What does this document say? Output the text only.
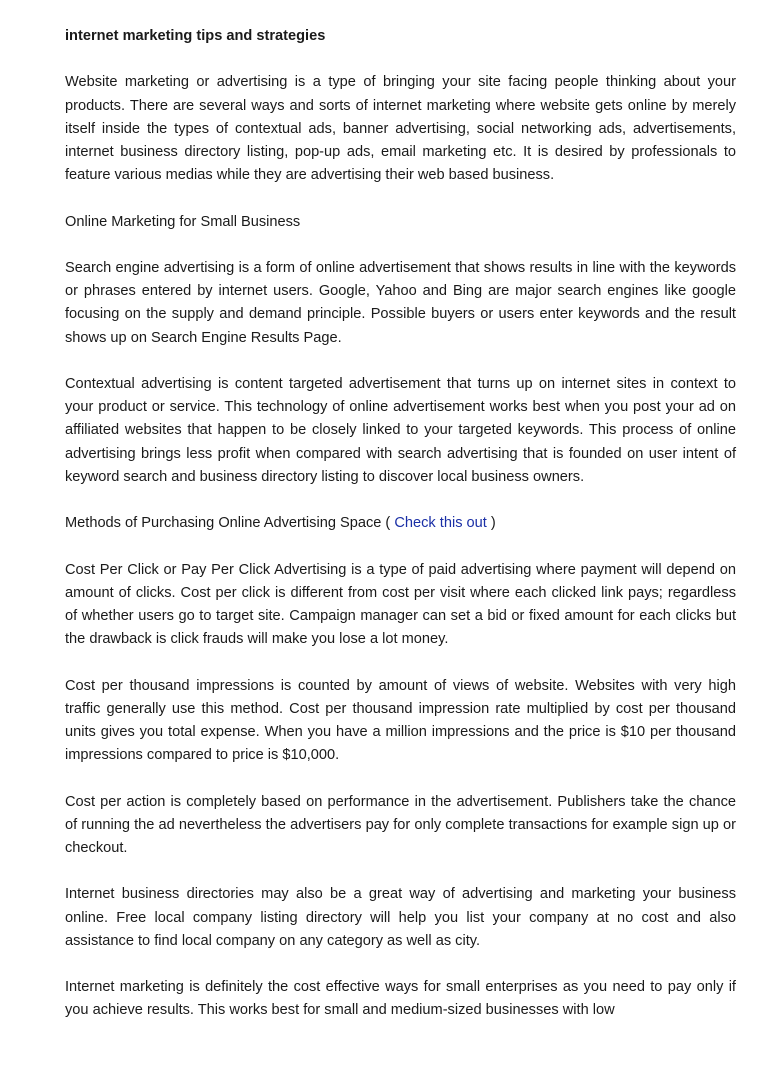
internet marketing tips and strategies

Website marketing or advertising is a type of bringing your site facing people thinking about your products. There are several ways and sorts of internet marketing where website gets online by merely itself inside the types of contextual ads, banner advertising, social networking ads, advertisements, internet business directory listing, pop-up ads, email marketing etc. It is desired by professionals to feature various medias while they are advertising their web based business.

Online Marketing for Small Business

Search engine advertising is a form of online advertisement that shows results in line with the keywords or phrases entered by internet users. Google, Yahoo and Bing are major search engines like google focusing on the supply and demand principle. Possible buyers or users enter keywords and the result shows up on Search Engine Results Page.

Contextual advertising is content targeted advertisement that turns up on internet sites in context to your product or service. This technology of online advertisement works best when you post your ad on affiliated websites that happen to be closely linked to your targeted keywords. This process of online advertising brings less profit when compared with search advertising that is founded on user intent of keyword search and business directory listing to discover local business owners.

Methods of Purchasing Online Advertising Space ( Check this out )

Cost Per Click or Pay Per Click Advertising is a type of paid advertising where payment will depend on amount of clicks. Cost per click is different from cost per visit where each clicked link pays; regardless of whether users go to target site. Campaign manager can set a bid or fixed amount for each clicks but the drawback is click frauds will make you lose a lot money.

Cost per thousand impressions is counted by amount of views of website. Websites with very high traffic generally use this method. Cost per thousand impression rate multiplied by cost per thousand units gives you total expense. When you have a million impressions and the price is $10 per thousand impressions compared to price is $10,000.

Cost per action is completely based on performance in the advertisement. Publishers take the chance of running the ad nevertheless the advertisers pay for only complete transactions for example sign up or checkout.

Internet business directories may also be a great way of advertising and marketing your business online. Free local company listing directory will help you list your company at no cost and also assistance to find local company on any category as well as city.

Internet marketing is definitely the cost effective ways for small enterprises as you need to pay only if you achieve results. This works best for small and medium-sized businesses with low
